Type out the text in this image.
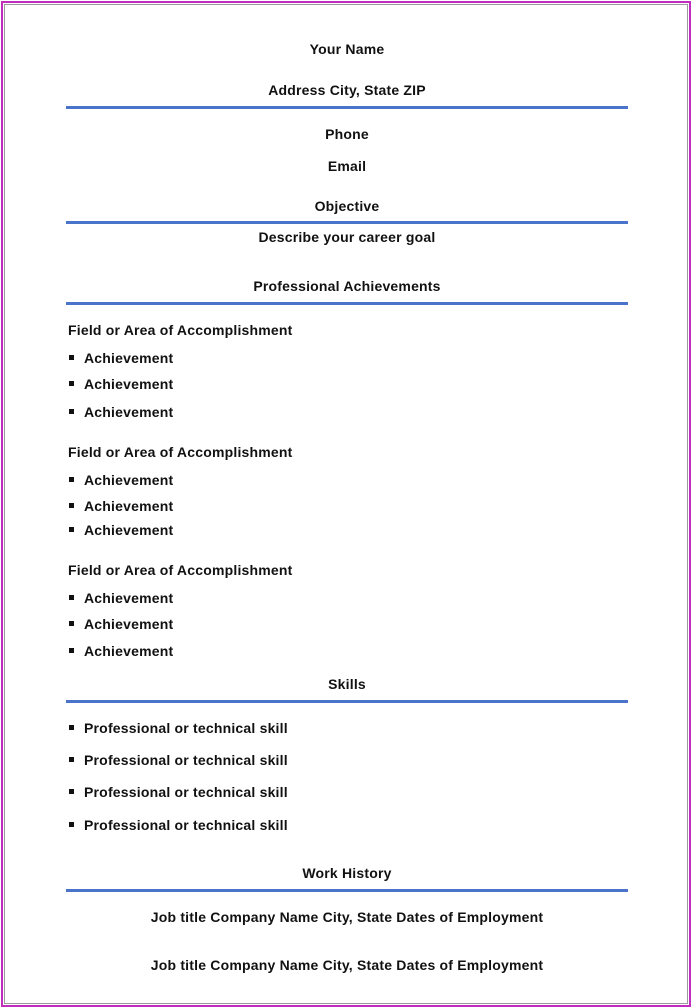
Your Name
Address City, State ZIP
Phone
Email
Objective
Describe your career goal
Professional Achievements
Field or Area of Accomplishment
Achievement
Achievement
Achievement
Field or Area of Accomplishment
Achievement
Achievement
Achievement
Field or Area of Accomplishment
Achievement
Achievement
Achievement
Skills
Professional or technical skill
Professional or technical skill
Professional or technical skill
Professional or technical skill
Work History
Job title Company Name City, State Dates of Employment
Job title Company Name City, State Dates of Employment
